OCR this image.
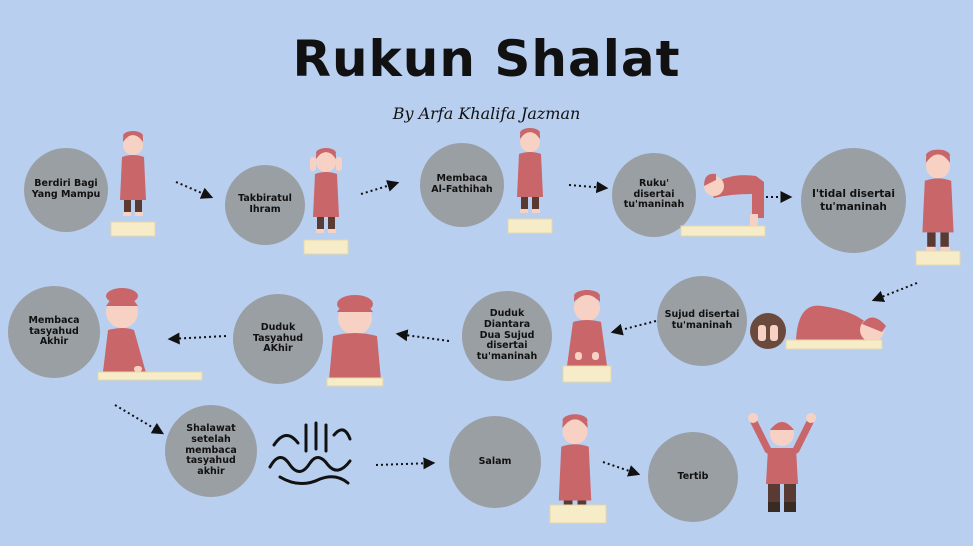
Rukun Shalat
By Arfa Khalifa Jazman
Berdiri Bagi
Yang Mampu	Takbiratul
Ihram
Membaca
Al-Fathihah
Ruku' disertai
tu'maninah
I'tidal disertai
tu'maninah
Sujud disertai
tu'maninah
Duduk Diantara
Dua Sujud
disertai
tu'maninah
Duduk
Tasyahud AKhir
Membaca
tasyahud Akhir
Shalawat
setelah
membaca
tasyahud akhir
Salam
Tertib
